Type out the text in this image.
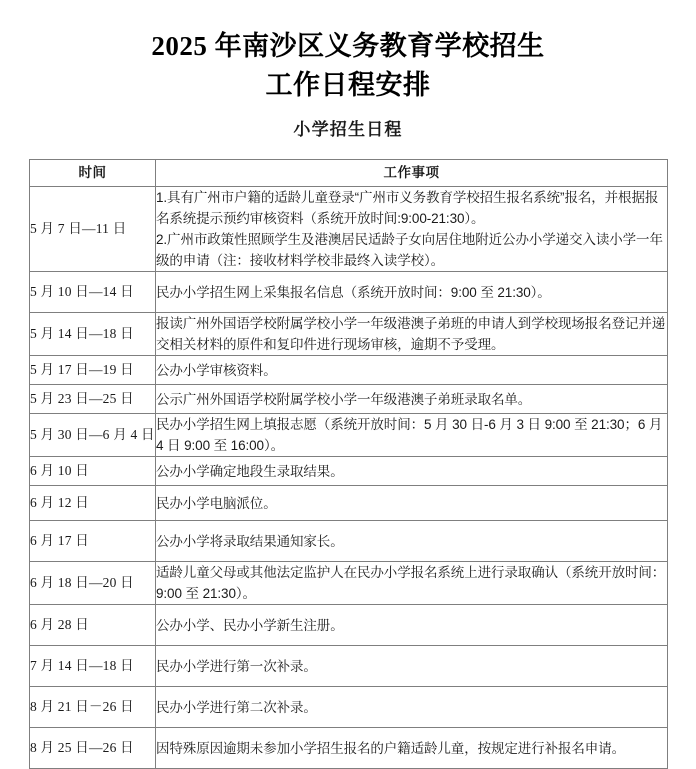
2025 年南沙区义务教育学校招生
工作日程安排
小学招生日程
时间	工作事项
5 月 7 日—11 日	1.具有广州市户籍的适龄儿童登录“广州市义务教育学校招生报名系统”报名，并根据报名系统提示预约审核资料（系统开放时间:9:00-21:30）。
2.广州市政策性照顾学生及港澳居民适龄子女向居住地附近公办小学递交入读小学一年级的申请（注：接收材料学校非最终入读学校）。

5 月 10 日—14 日	民办小学招生网上采集报名信息（系统开放时间：9:00 至 21:30）。

5 月 14 日—18 日	报读广州外国语学校附属学校小学一年级港澳子弟班的申请人到学校现场报名登记并递交相关材料的原件和复印件进行现场审核，逾期不予受理。

5 月 17 日—19 日	公办小学审核资料。

5 月 23 日—25 日	公示广州外国语学校附属学校小学一年级港澳子弟班录取名单。

5 月 30 日—6 月 4 日	民办小学招生网上填报志愿（系统开放时间：5 月 30 日-6 月 3 日 9:00 至 21:30；6 月 4 日 9:00 至 16:00）。

6 月 10 日	公办小学确定地段生录取结果。

6 月 12 日	民办小学电脑派位。

6 月 17 日	公办小学将录取结果通知家长。

6 月 18 日—20 日	适龄儿童父母或其他法定监护人在民办小学报名系统上进行录取确认（系统开放时间：9:00 至 21:30）。

6 月 28 日	公办小学、民办小学新生注册。

7 月 14 日—18 日	民办小学进行第一次补录。

8 月 21 日－26 日	民办小学进行第二次补录。

8 月 25 日—26 日	因特殊原因逾期未参加小学招生报名的户籍适龄儿童，按规定进行补报名申请。
